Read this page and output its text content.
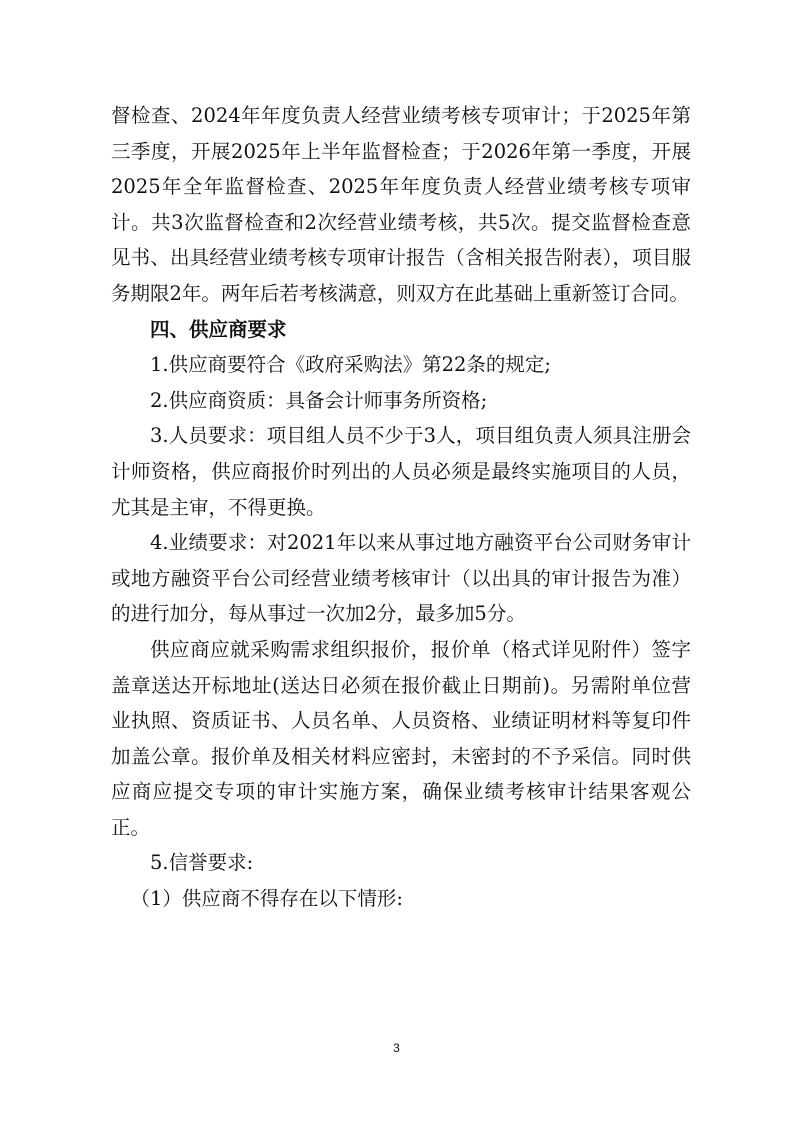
督检查、2024年年度负责人经营业绩考核专项审计；于2025年第三季度，开展2025年上半年监督检查；于2026年第一季度，开展2025年全年监督检查、2025年年度负责人经营业绩考核专项审计。共3次监督检查和2次经营业绩考核，共5次。提交监督检查意见书、出具经营业绩考核专项审计报告（含相关报告附表），项目服务期限2年。两年后若考核满意，则双方在此基础上重新签订合同。

四、供应商要求

1.供应商要符合《政府采购法》第22条的规定;

2.供应商资质：具备会计师事务所资格;

3.人员要求：项目组人员不少于3人，项目组负责人须具注册会计师资格，供应商报价时列出的人员必须是最终实施项目的人员，尤其是主审，不得更换。

4.业绩要求：对2021年以来从事过地方融资平台公司财务审计或地方融资平台公司经营业绩考核审计（以出具的审计报告为准）的进行加分，每从事过一次加2分，最多加5分。

供应商应就采购需求组织报价，报价单（格式详见附件）签字盖章送达开标地址(送达日必须在报价截止日期前)。另需附单位营业执照、资质证书、人员名单、人员资格、业绩证明材料等复印件加盖公章。报价单及相关材料应密封，未密封的不予采信。同时供应商应提交专项的审计实施方案，确保业绩考核审计结果客观公正。

5.信誉要求:

（1）供应商不得存在以下情形:

3
